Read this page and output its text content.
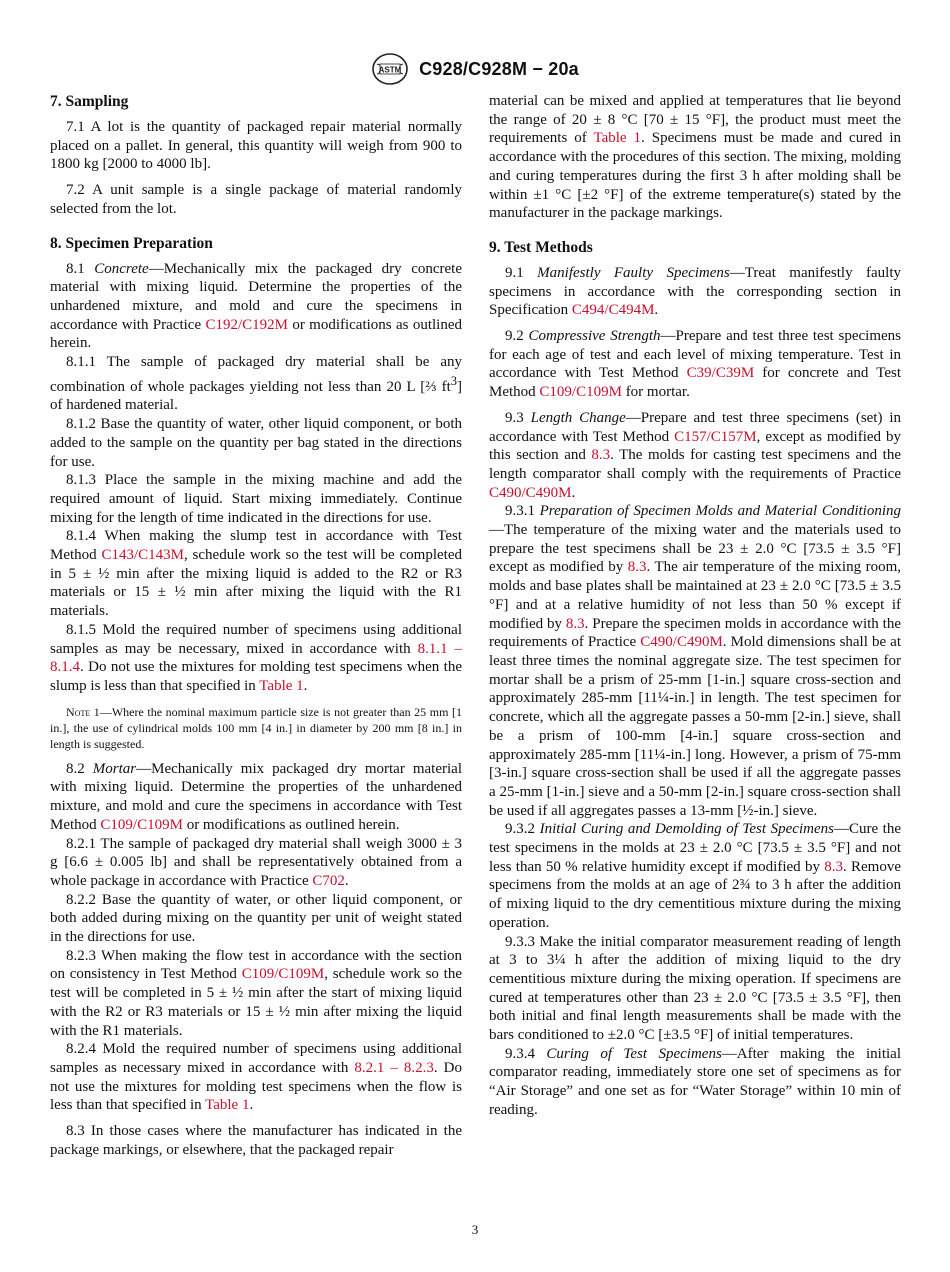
ASTM C928/C928M − 20a
7. Sampling

7.1 A lot is the quantity of packaged repair material normally placed on a pallet. In general, this quantity will weigh from 900 to 1800 kg [2000 to 4000 lb].

7.2 A unit sample is a single package of material randomly selected from the lot.

8. Specimen Preparation

8.1 Concrete—Mechanically mix the packaged dry concrete material with mixing liquid. Determine the properties of the unhardened mixture, and mold and cure the specimens in accordance with Practice C192/C192M or modifications as outlined herein.

8.1.1 The sample of packaged dry material shall be any combination of whole packages yielding not less than 20 L [⅔ $ft^3$] of hardened material.

8.1.2 Base the quantity of water, other liquid component, or both added to the sample on the quantity per bag stated in the directions for use.

8.1.3 Place the sample in the mixing machine and add the required amount of liquid. Start mixing immediately. Continue mixing for the length of time indicated in the directions for use.

8.1.4 When making the slump test in accordance with Test Method C143/C143M, schedule work so the test will be completed in 5 ± ½ min after the mixing liquid is added to the R2 or R3 materials or 15 ± ½ min after mixing the liquid with the R1 materials.

8.1.5 Mold the required number of specimens using additional samples as may be necessary, mixed in accordance with 8.1.1 – 8.1.4. Do not use the mixtures for molding test specimens when the slump is less than that specified in Table 1.

Note 1—Where the nominal maximum particle size is not greater than 25 mm [1 in.], the use of cylindrical molds 100 mm [4 in.] in diameter by 200 mm [8 in.] in length is suggested.

8.2 Mortar—Mechanically mix packaged dry mortar material with mixing liquid. Determine the properties of the unhardened mixture, and mold and cure the specimens in accordance with Test Method C109/C109M or modifications as outlined herein.

8.2.1 The sample of packaged dry material shall weigh 3000 ± 3 g [6.6 ± 0.005 lb] and shall be representatively obtained from a whole package in accordance with Practice C702.

8.2.2 Base the quantity of water, or other liquid component, or both added during mixing on the quantity per unit of weight stated in the directions for use.

8.2.3 When making the flow test in accordance with the section on consistency in Test Method C109/C109M, schedule work so the test will be completed in 5 ± ½ min after the start of mixing liquid with the R2 or R3 materials or 15 ± ½ min after mixing the liquid with the R1 materials.

8.2.4 Mold the required number of specimens using additional samples as necessary mixed in accordance with 8.2.1 – 8.2.3. Do not use the mixtures for molding test specimens when the flow is less than that specified in Table 1.

8.3 In those cases where the manufacturer has indicated in the package markings, or elsewhere, that the packaged repair

material can be mixed and applied at temperatures that lie beyond the range of 20 ± 8 °C [70 ± 15 °F], the product must meet the requirements of Table 1. Specimens must be made and cured in accordance with the procedures of this section. The mixing, molding and curing temperatures during the first 3 h after molding shall be within ±1 °C [±2 °F] of the extreme temperature(s) stated by the manufacturer in the package markings.

9. Test Methods

9.1 Manifestly Faulty Specimens—Treat manifestly faulty specimens in accordance with the corresponding section in Specification C494/C494M.

9.2 Compressive Strength—Prepare and test three test specimens for each age of test and each level of mixing temperature. Test in accordance with Test Method C39/C39M for concrete and Test Method C109/C109M for mortar.

9.3 Length Change—Prepare and test three specimens (set) in accordance with Test Method C157/C157M, except as modified by this section and 8.3. The molds for casting test specimens and the length comparator shall comply with the requirements of Practice C490/C490M.

9.3.1 Preparation of Specimen Molds and Material Conditioning—The temperature of the mixing water and the materials used to prepare the test specimens shall be 23 ± 2.0 °C [73.5 ± 3.5 °F] except as modified by 8.3. The air temperature of the mixing room, molds and base plates shall be maintained at 23 ± 2.0 °C [73.5 ± 3.5 °F] and at a relative humidity of not less than 50 % except if modified by 8.3. Prepare the specimen molds in accordance with the requirements of Practice C490/C490M. Mold dimensions shall be at least three times the nominal aggregate size. The test specimen for mortar shall be a prism of 25-mm [1-in.] square cross-section and approximately 285-mm [11¼-in.] in length. The test specimen for concrete, which all the aggregate passes a 50-mm [2-in.] sieve, shall be a prism of 100-mm [4-in.] square cross-section and approximately 285-mm [11¼-in.] long. However, a prism of 75-mm [3-in.] square cross-section shall be used if all the aggregate passes a 25-mm [1-in.] sieve and a 50-mm [2-in.] square cross-section shall be used if all aggregates passes a 13-mm [½-in.] sieve.

9.3.2 Initial Curing and Demolding of Test Specimens—Cure the test specimens in the molds at 23 ± 2.0 °C [73.5 ± 3.5 °F] and not less than 50 % relative humidity except if modified by 8.3. Remove specimens from the molds at an age of 2¾ to 3 h after the addition of mixing liquid to the dry cementitious mixture during the mixing operation.

9.3.3 Make the initial comparator measurement reading of length at 3 to 3¼ h after the addition of mixing liquid to the dry cementitious mixture during the mixing operation. If specimens are cured at temperatures other than 23 ± 2.0 °C [73.5 ± 3.5 °F], then both initial and final length measurements shall be made with the bars conditioned to ±2.0 °C [±3.5 °F] of initial temperatures.

9.3.4 Curing of Test Specimens—After making the initial comparator reading, immediately store one set of specimens as for “Air Storage” and one set as for “Water Storage” within 10 min of reading.

3
